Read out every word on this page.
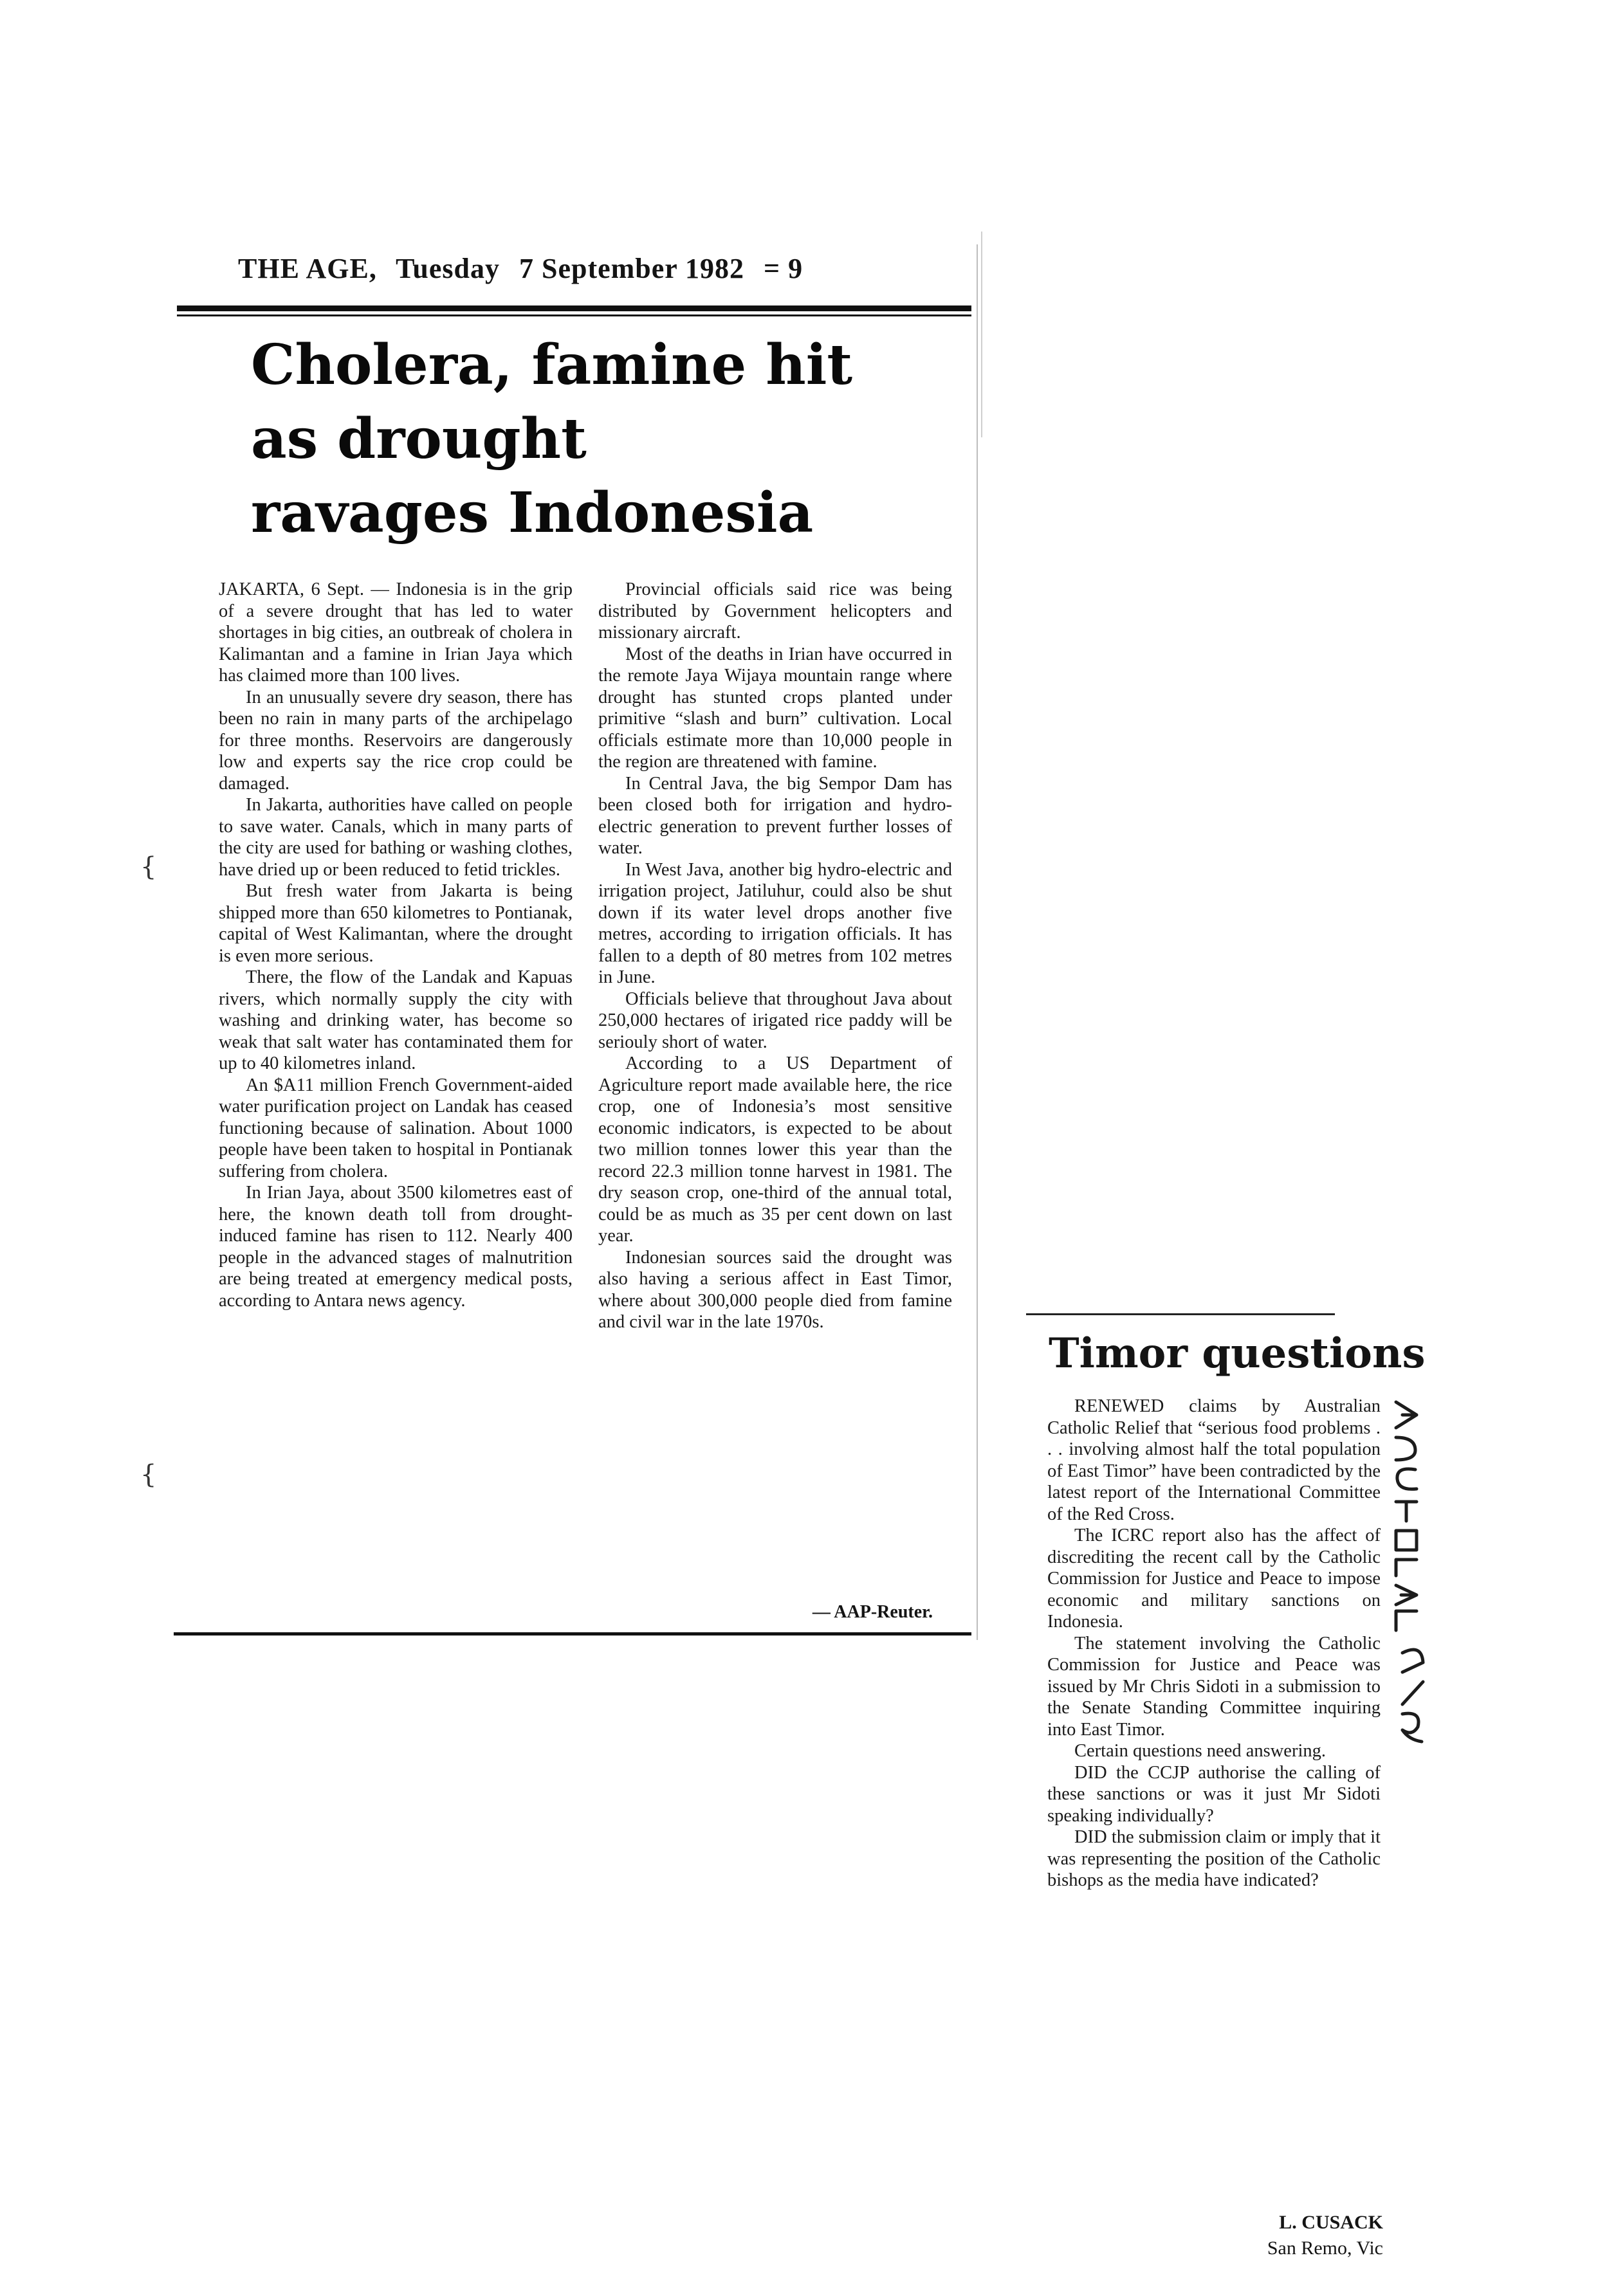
THE AGE, Tuesday 7 September 1982 = 9
Cholera, famine hit
as drought
ravages Indonesia

JAKARTA, 6 Sept. — Indonesia is in the grip of a severe drought that has led to water shortages in big cities, an outbreak of cholera in Kalimantan and a famine in Irian Jaya which has claimed more than 100 lives.

In an unusually severe dry season, there has been no rain in many parts of the archipelago for three months. Reservoirs are dangerously low and experts say the rice crop could be damaged.

In Jakarta, authorities have called on people to save water. Canals, which in many parts of the city are used for bathing or washing clothes, have dried up or been reduced to fetid trickles.

But fresh water from Jakarta is being shipped more than 650 kilometres to Pontianak, capital of West Kalimantan, where the drought is even more serious.

There, the flow of the Landak and Kapuas rivers, which normally supply the city with washing and drinking water, has become so weak that salt water has contaminated them for up to 40 kilometres inland.

An $A11 million French Government-aided water purification project on Landak has ceased functioning because of salination. About 1000 people have been taken to hospital in Pontianak suffering from cholera.

In Irian Jaya, about 3500 kilometres east of here, the known death toll from drought-induced famine has risen to 112. Nearly 400 people in the advanced stages of malnutrition are being treated at emergency medical posts, according to Antara news agency.

Provincial officials said rice was being distributed by Government helicopters and missionary aircraft.

Most of the deaths in Irian have occurred in the remote Jaya Wijaya mountain range where drought has stunted crops planted under primitive “slash and burn” cultivation. Local officials estimate more than 10,000 people in the region are threatened with famine.

In Central Java, the big Sempor Dam has been closed both for irrigation and hydro-electric generation to prevent further losses of water.

In West Java, another big hydro-electric and irrigation project, Jatiluhur, could also be shut down if its water level drops another five metres, according to irrigation officials. It has fallen to a depth of 80 metres from 102 metres in June.

Officials believe that throughout Java about 250,000 hectares of irigated rice paddy will be seriouly short of water.

According to a US Department of Agriculture report made available here, the rice crop, one of Indonesia’s most sensitive economic indicators, is expected to be about two million tonnes lower this year than the record 22.3 million tonne harvest in 1981. The dry season crop, one-third of the annual total, could be as much as 35 per cent down on last year.

Indonesian sources said the drought was also having a serious affect in East Timor, where about 300,000 people died from famine and civil war in the late 1970s.

— AAP-Reuter.
{
{
Timor questions

RENEWED claims by Australian Catholic Relief that “serious food problems . . . involving almost half the total population of East Timor” have been contradicted by the latest report of the International Committee of the Red Cross.

The ICRC report also has the affect of discrediting the recent call by the Catholic Commission for Justice and Peace to impose economic and military sanctions on Indonesia.

The statement involving the Catholic Commission for Justice and Peace was issued by Mr Chris Sidoti in a submission to the Senate Standing Committee inquiring into East Timor.

Certain questions need answering.

DID the CCJP authorise the calling of these sanctions or was it just Mr Sidoti speaking individually?

DID the submission claim or imply that it was representing the position of the Catholic bishops as the media have indicated?

L. CUSACK
San Remo, Vic
